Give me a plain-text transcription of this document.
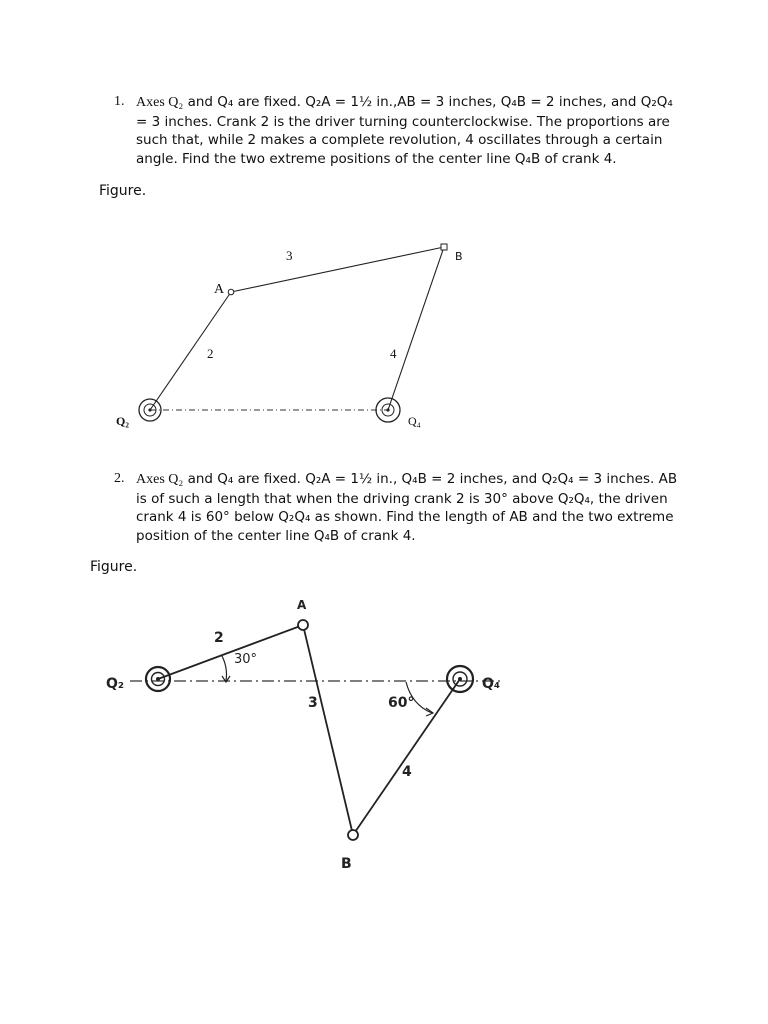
1. Axes Q₂ and Q₄ are fixed. Q₂A = 1½ in.,AB = 3 inches, Q₄B = 2 inches, and Q₂Q₄ = 3 inches. Crank 2 is the driver turning counterclockwise. The proportions are such that, while 2 makes a complete revolution, 4 oscillates through a certain angle. Find the two extreme positions of the center line Q₄B of crank 4.
Figure.
3	B
A
2	4
Q₂	Q₄
2. Axes Q₂ and Q₄ are fixed. Q₂A = 1½ in., Q₄B = 2 inches, and Q₂Q₄ = 3 inches. AB is of such a length that when the driving crank 2 is 30° above Q₂Q₄, the driven crank 4 is 60° below Q₂Q₄ as shown. Find the length of AB and the two extreme position of the center line Q₄B of crank 4.
Figure.
A
2
30°
Q₂
3	60°
Q₄
4
B
